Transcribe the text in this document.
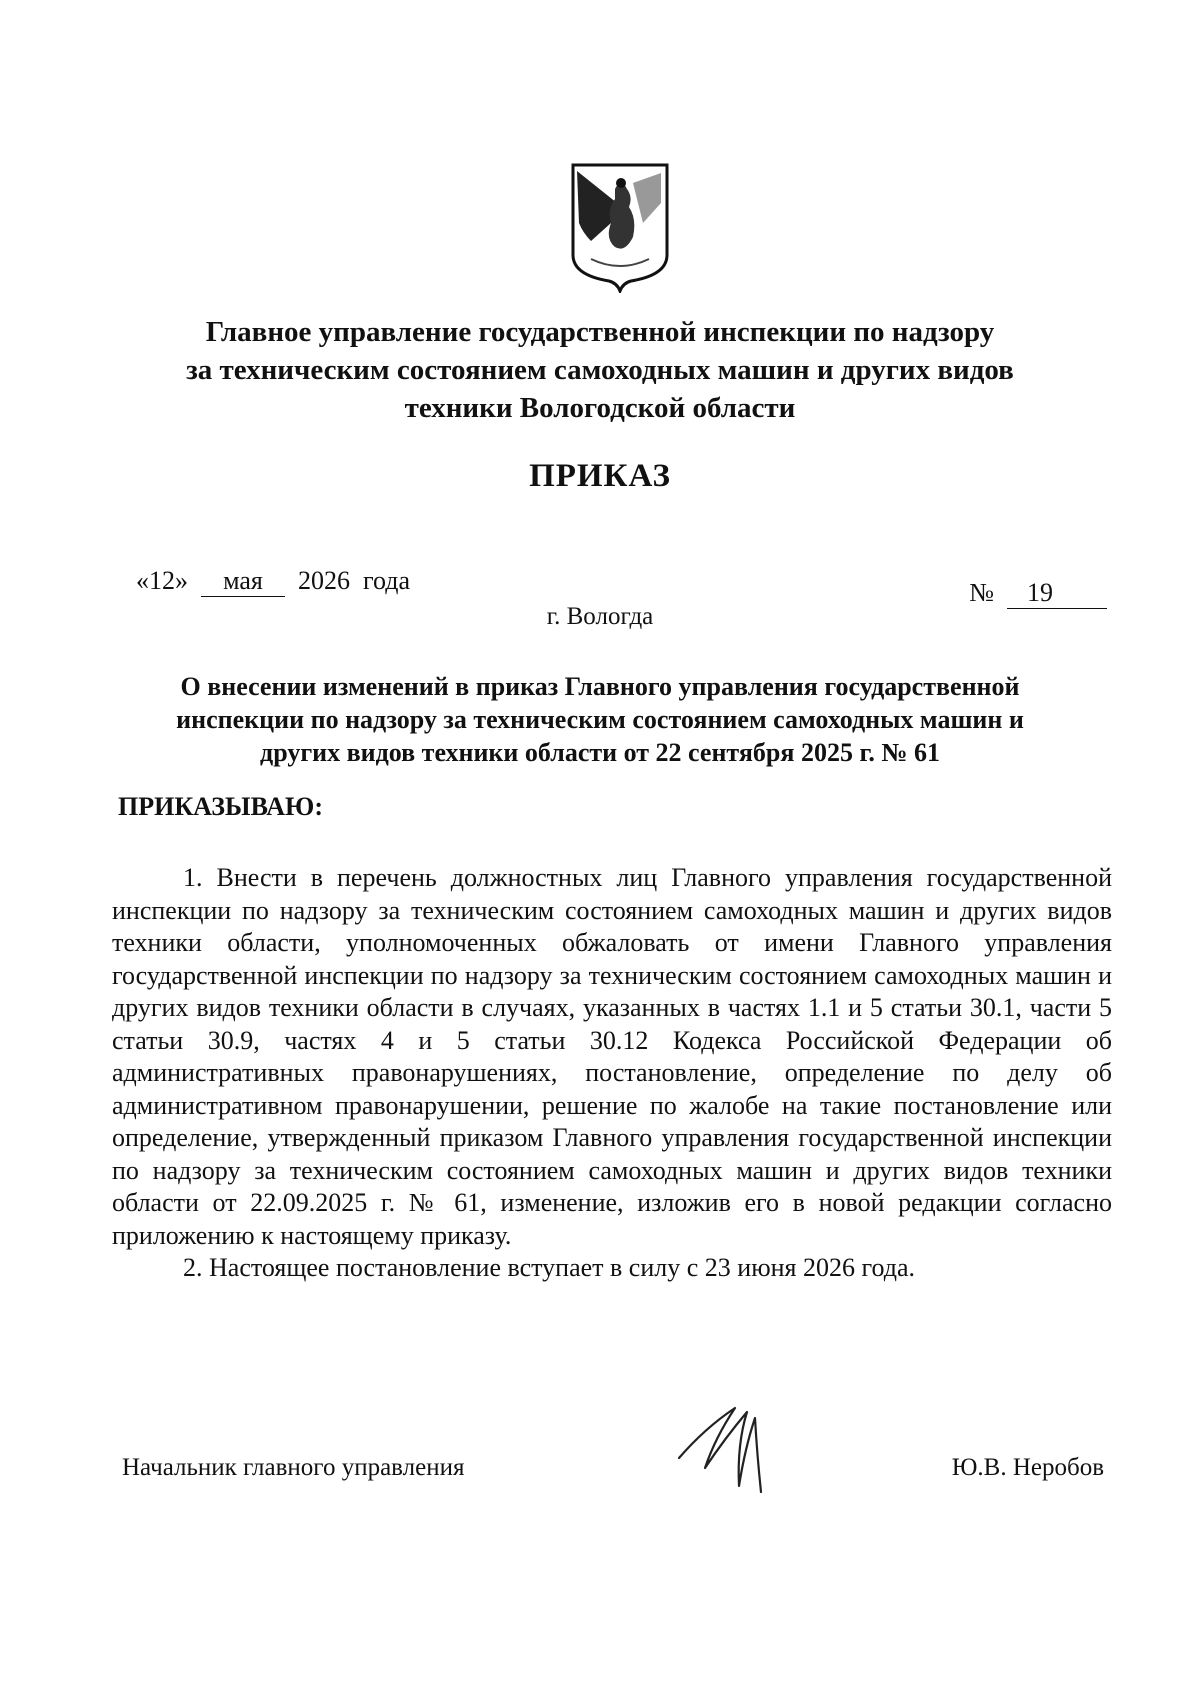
Главное управление государственной инспекции по надзору
за техническим состоянием самоходных машин и других видов
техники Вологодской области
ПРИКАЗ
«12» мая 2026 года	№ 19
г. Вологда
О внесении изменений в приказ Главного управления государственной
инспекции по надзору за техническим состоянием самоходных машин и
других видов техники области от 22 сентября 2025 г. № 61
ПРИКАЗЫВАЮ:

1. Внести в перечень должностных лиц Главного управления государственной инспекции по надзору за техническим состоянием самоходных машин и других видов техники области, уполномоченных обжаловать от имени Главного управления государственной инспекции по надзору за техническим состоянием самоходных машин и других видов техники области в случаях, указанных в частях 1.1 и 5 статьи 30.1, части 5 статьи 30.9, частях 4 и 5 статьи 30.12 Кодекса Российской Федерации об административных правонарушениях, постановление, определение по делу об административном правонарушении, решение по жалобе на такие постановление или определение, утвержденный приказом Главного управления государственной инспекции по надзору за техническим состоянием самоходных машин и других видов техники области от 22.09.2025 г. № 61, изменение, изложив его в новой редакции согласно приложению к настоящему приказу.

2. Настоящее постановление вступает в силу с 23 июня 2026 года.

Начальник главного управления	Ю.В. Неробов
